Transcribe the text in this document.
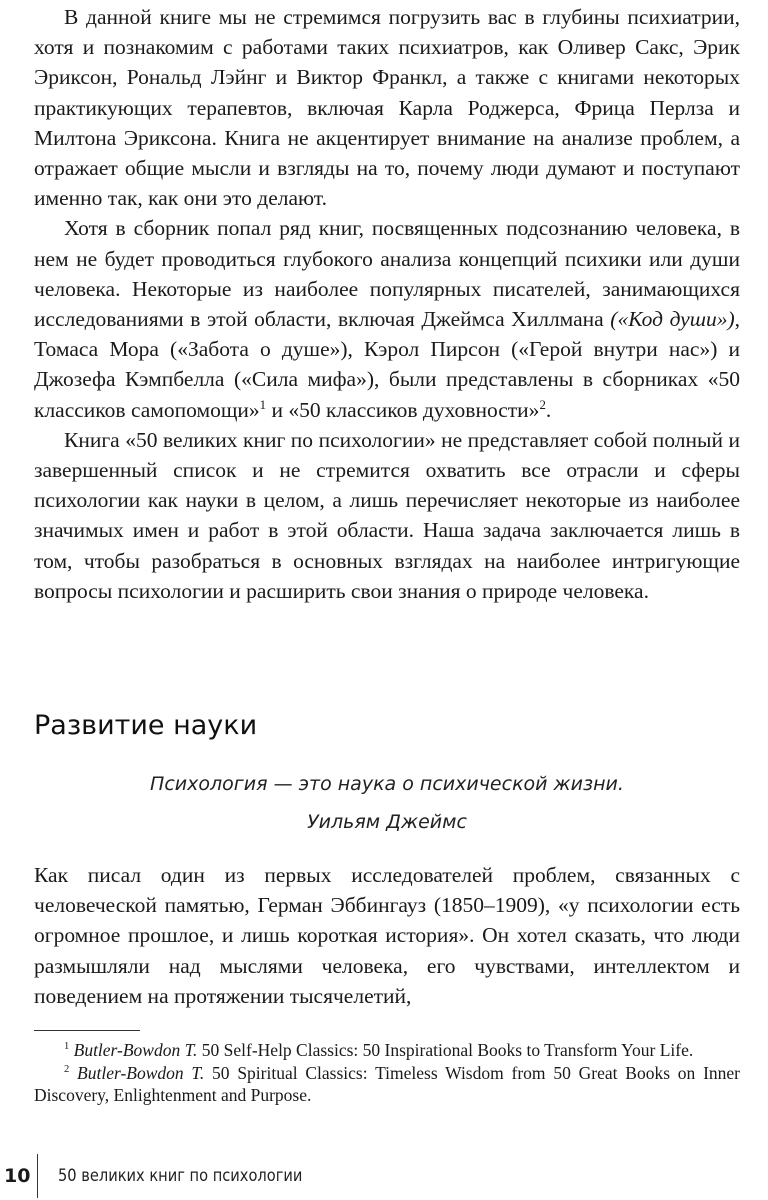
В данной книге мы не стремимся погрузить вас в глубины психиатрии, хотя и познакомим с работами таких психиатров, как Оливер Сакс, Эрик Эриксон, Рональд Лэйнг и Виктор Франкл, а также с книгами некоторых практикующих терапевтов, включая Карла Роджерса, Фрица Перлза и Милтона Эриксона. Книга не акцентирует внимание на анализе проблем, а отражает общие мысли и взгляды на то, почему люди думают и поступают именно так, как они это делают.

Хотя в сборник попал ряд книг, посвященных подсознанию человека, в нем не будет проводиться глубокого анализа концепций психики или души человека. Некоторые из наиболее популярных писателей, занимающихся исследованиями в этой области, включая Джеймса Хиллмана («Код души»), Томаса Мора («Забота о душе»), Кэрол Пирсон («Герой внутри нас») и Джозефа Кэмпбелла («Сила мифа»), были представлены в сборниках «50 классиков самопомощи»$^1$ и «50 классиков духовности»$^2$.

Книга «50 великих книг по психологии» не представляет собой полный и завершенный список и не стремится охватить все отрасли и сферы психологии как науки в целом, а лишь перечисляет некоторые из наиболее значимых имен и работ в этой области. Наша задача заключается лишь в том, чтобы разобраться в основных взглядах на наиболее интригующие вопросы психологии и расширить свои знания о природе человека.

Развитие науки
Психология — это наука о психической жизни.
Уильям Джеймс

Как писал один из первых исследователей проблем, связанных с человеческой памятью, Герман Эббингауз (1850–1909), «у психологии есть огромное прошлое, и лишь короткая история». Он хотел сказать, что люди размышляли над мыслями человека, его чувствами, интеллектом и поведением на протяжении тысячелетий,

$^1$ Butler-Bowdon T. 50 Self-Help Classics: 50 Inspirational Books to Transform Your Life.

$^2$ Butler-Bowdon T. 50 Spiritual Classics: Timeless Wisdom from 50 Great Books on Inner Discovery, Enlightenment and Purpose.

10 50 великих книг по психологии
